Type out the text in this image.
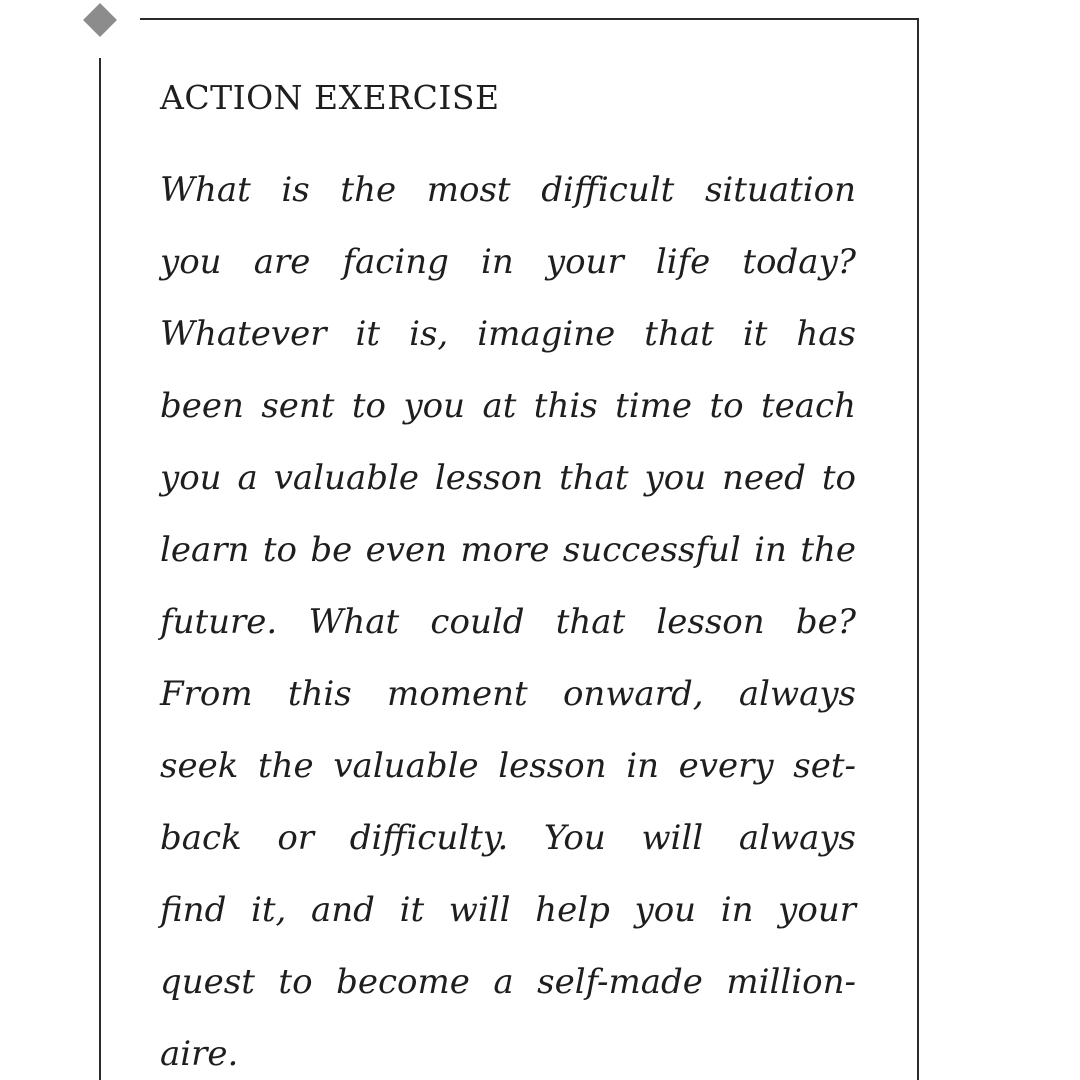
ACTION EXERCISE
What is the most difficult situation
you are facing in your life today?
Whatever it is, imagine that it has
been sent to you at this time to teach
you a valuable lesson that you need to
learn to be even more successful in the
future. What could that lesson be?
From this moment onward, always
seek the valuable lesson in every set-
back or difficulty. You will always
find it, and it will help you in your
quest to become a self-made million-
aire.
